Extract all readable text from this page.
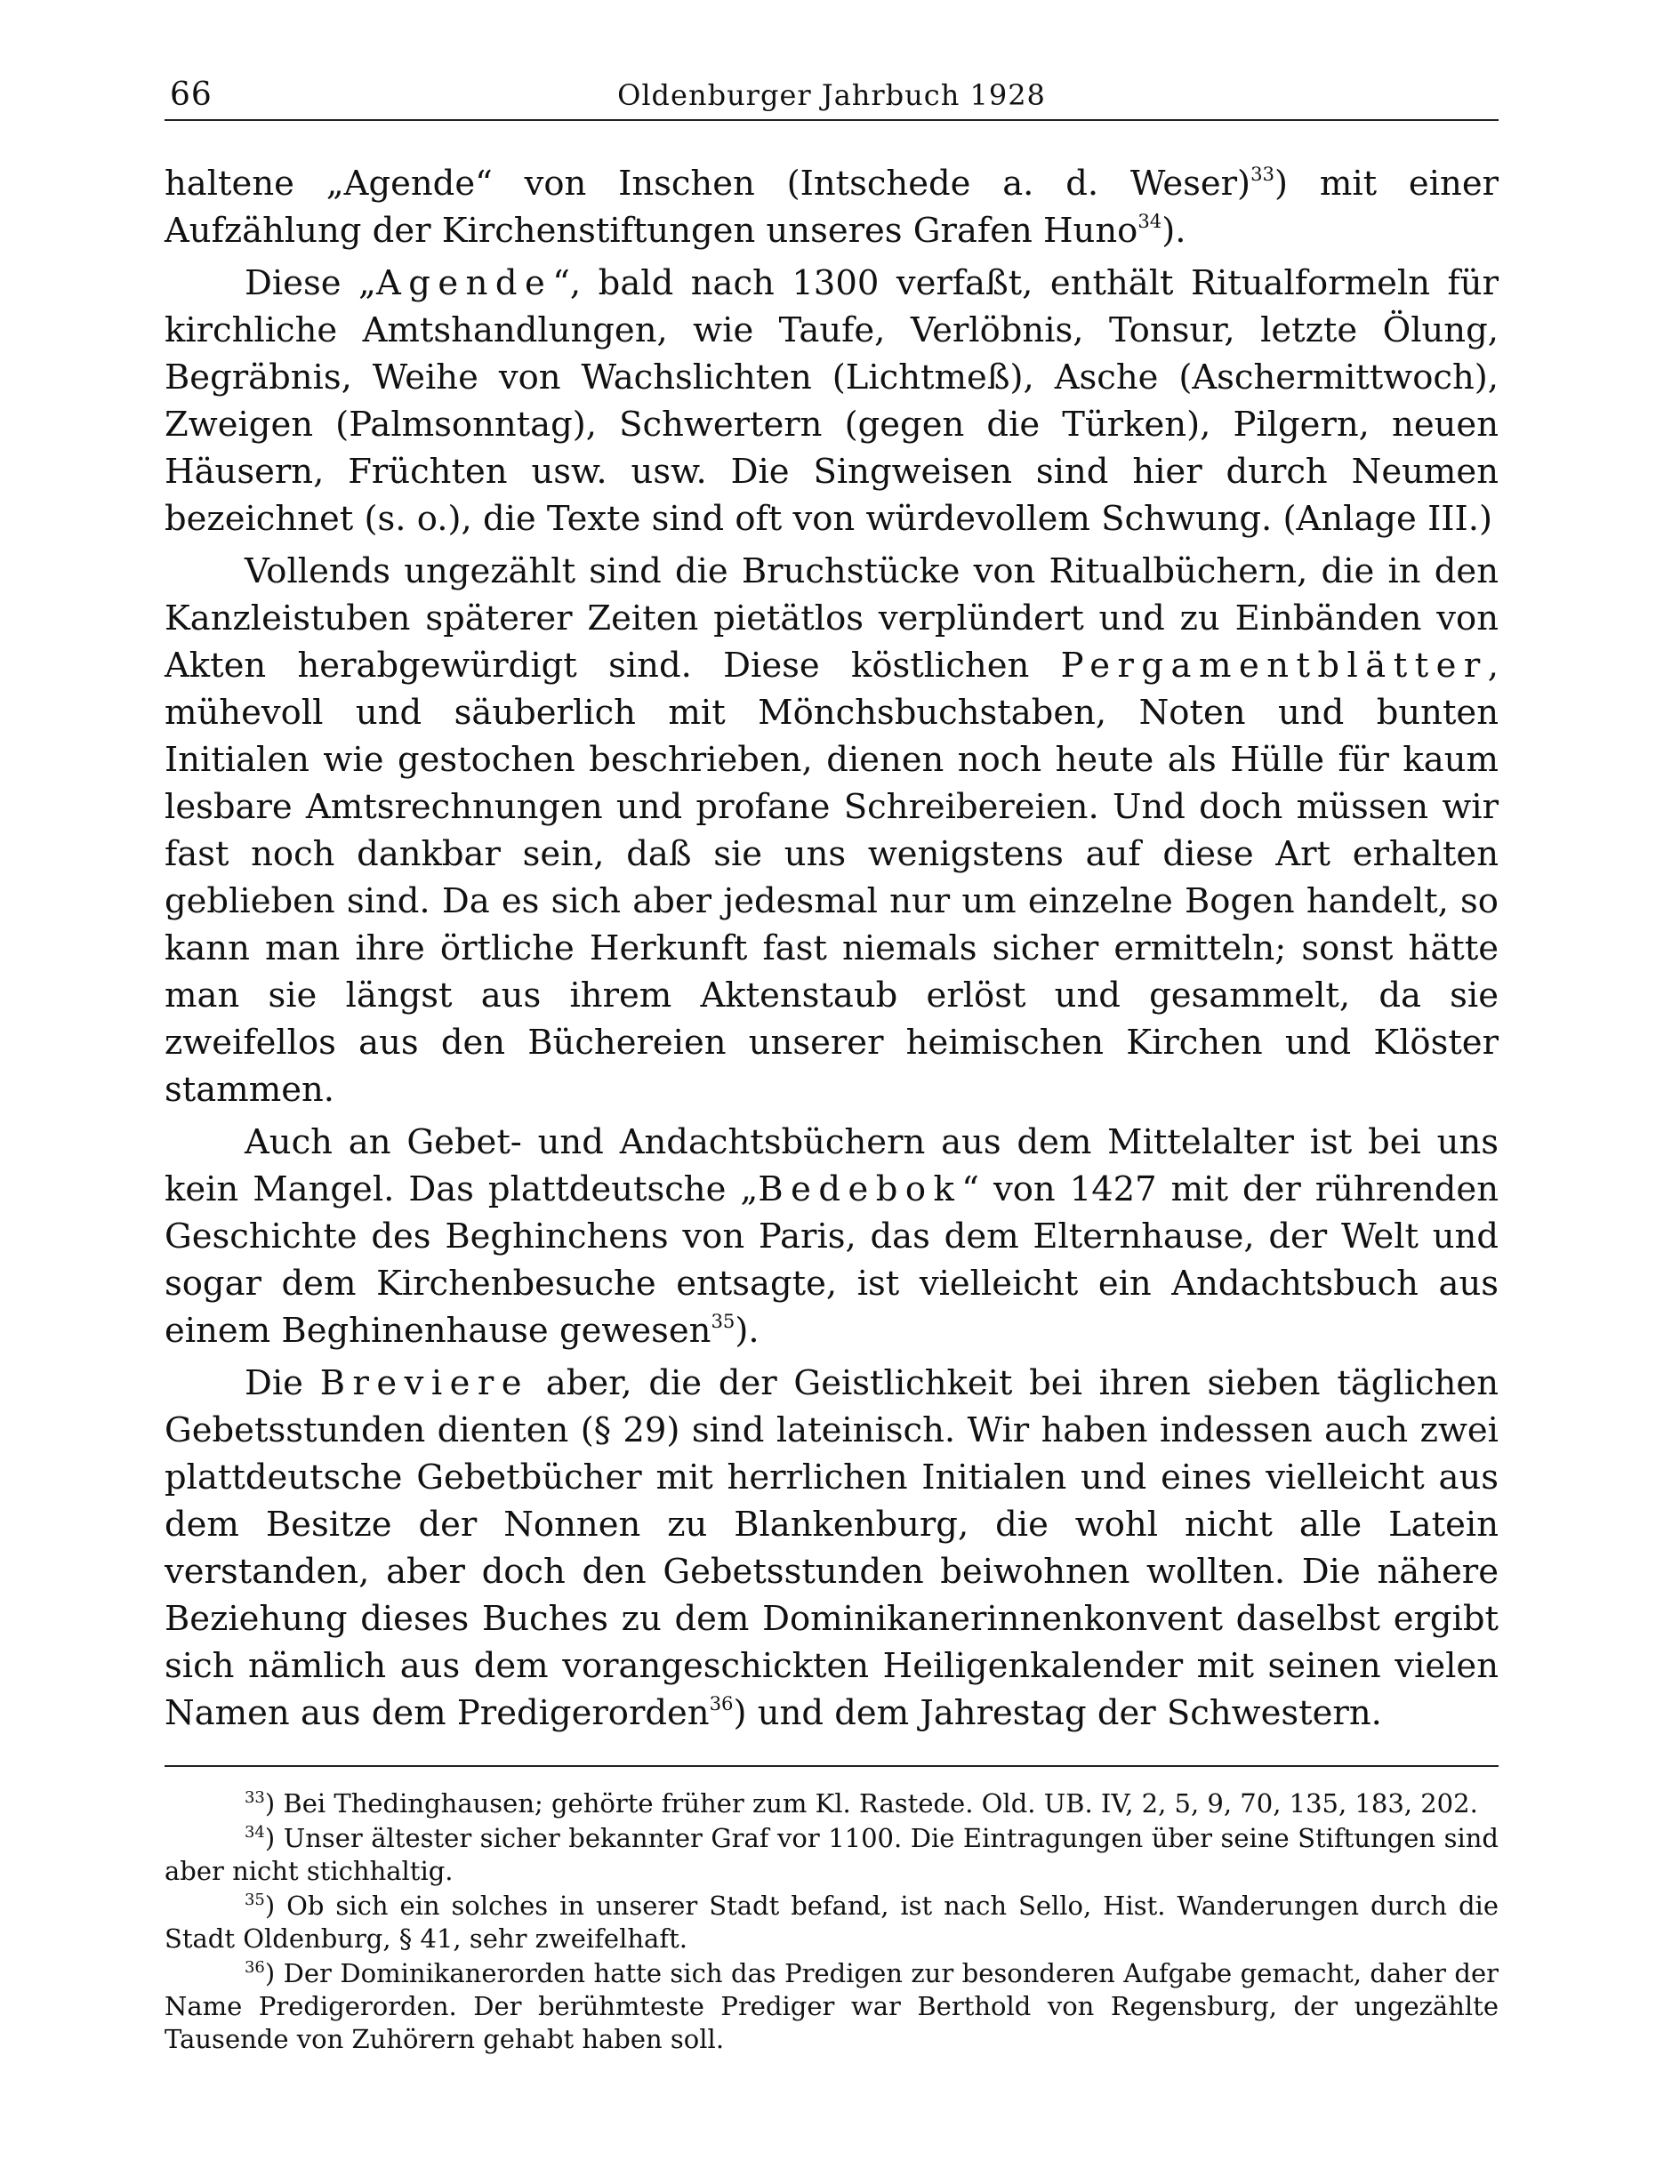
66	Oldenburger Jahrbuch 1928

haltene „Agende“ von Inschen (Intschede a. d. Weser)$^{33}$) mit einer Aufzählung der Kirchenstiftungen unseres Grafen Huno$^{34}$).

Diese „Agende“, bald nach 1300 verfaßt, enthält Ritualformeln für kirchliche Amtshandlungen, wie Taufe, Verlöbnis, Tonsur, letzte Ölung, Begräbnis, Weihe von Wachslichten (Lichtmeß), Asche (Aschermittwoch), Zweigen (Palmsonntag), Schwertern (gegen die Türken), Pilgern, neuen Häusern, Früchten usw. usw. Die Singweisen sind hier durch Neumen bezeichnet (s. o.), die Texte sind oft von würdevollem Schwung. (Anlage III.)

Vollends ungezählt sind die Bruchstücke von Ritualbüchern, die in den Kanzleistuben späterer Zeiten pietätlos verplündert und zu Einbänden von Akten herabgewürdigt sind. Diese köstlichen Pergamentblätter, mühevoll und säuberlich mit Mönchsbuchstaben, Noten und bunten Initialen wie gestochen beschrieben, dienen noch heute als Hülle für kaum lesbare Amtsrechnungen und profane Schreibereien. Und doch müssen wir fast noch dankbar sein, daß sie uns wenigstens auf diese Art erhalten geblieben sind. Da es sich aber jedesmal nur um einzelne Bogen handelt, so kann man ihre örtliche Herkunft fast niemals sicher ermitteln; sonst hätte man sie längst aus ihrem Aktenstaub erlöst und gesammelt, da sie zweifellos aus den Büchereien unserer heimischen Kirchen und Klöster stammen.

Auch an Gebet- und Andachtsbüchern aus dem Mittelalter ist bei uns kein Mangel. Das plattdeutsche „Bedebok“ von 1427 mit der rührenden Geschichte des Beghinchens von Paris, das dem Elternhause, der Welt und sogar dem Kirchenbesuche entsagte, ist vielleicht ein Andachtsbuch aus einem Beghinenhause gewesen$^{35}$).

Die Breviere aber, die der Geistlichkeit bei ihren sieben täglichen Gebetsstunden dienten (§ 29) sind lateinisch. Wir haben indessen auch zwei plattdeutsche Gebetbücher mit herrlichen Initialen und eines vielleicht aus dem Besitze der Nonnen zu Blankenburg, die wohl nicht alle Latein verstanden, aber doch den Gebetsstunden beiwohnen wollten. Die nähere Beziehung dieses Buches zu dem Dominikanerinnenkonvent daselbst ergibt sich nämlich aus dem vorangeschickten Heiligenkalender mit seinen vielen Namen aus dem Predigerorden$^{36}$) und dem Jahrestag der Schwestern.

$^{33}$) Bei Thedinghausen; gehörte früher zum Kl. Rastede. Old. UB. IV, 2, 5, 9, 70, 135, 183, 202.

$^{34}$) Unser ältester sicher bekannter Graf vor 1100. Die Eintragungen über seine Stiftungen sind aber nicht stichhaltig.

$^{35}$) Ob sich ein solches in unserer Stadt befand, ist nach Sello, Hist. Wanderungen durch die Stadt Oldenburg, § 41, sehr zweifelhaft.

$^{36}$) Der Dominikanerorden hatte sich das Predigen zur besonderen Aufgabe gemacht, daher der Name Predigerorden. Der berühmteste Prediger war Berthold von Regensburg, der ungezählte Tausende von Zuhörern gehabt haben soll.
